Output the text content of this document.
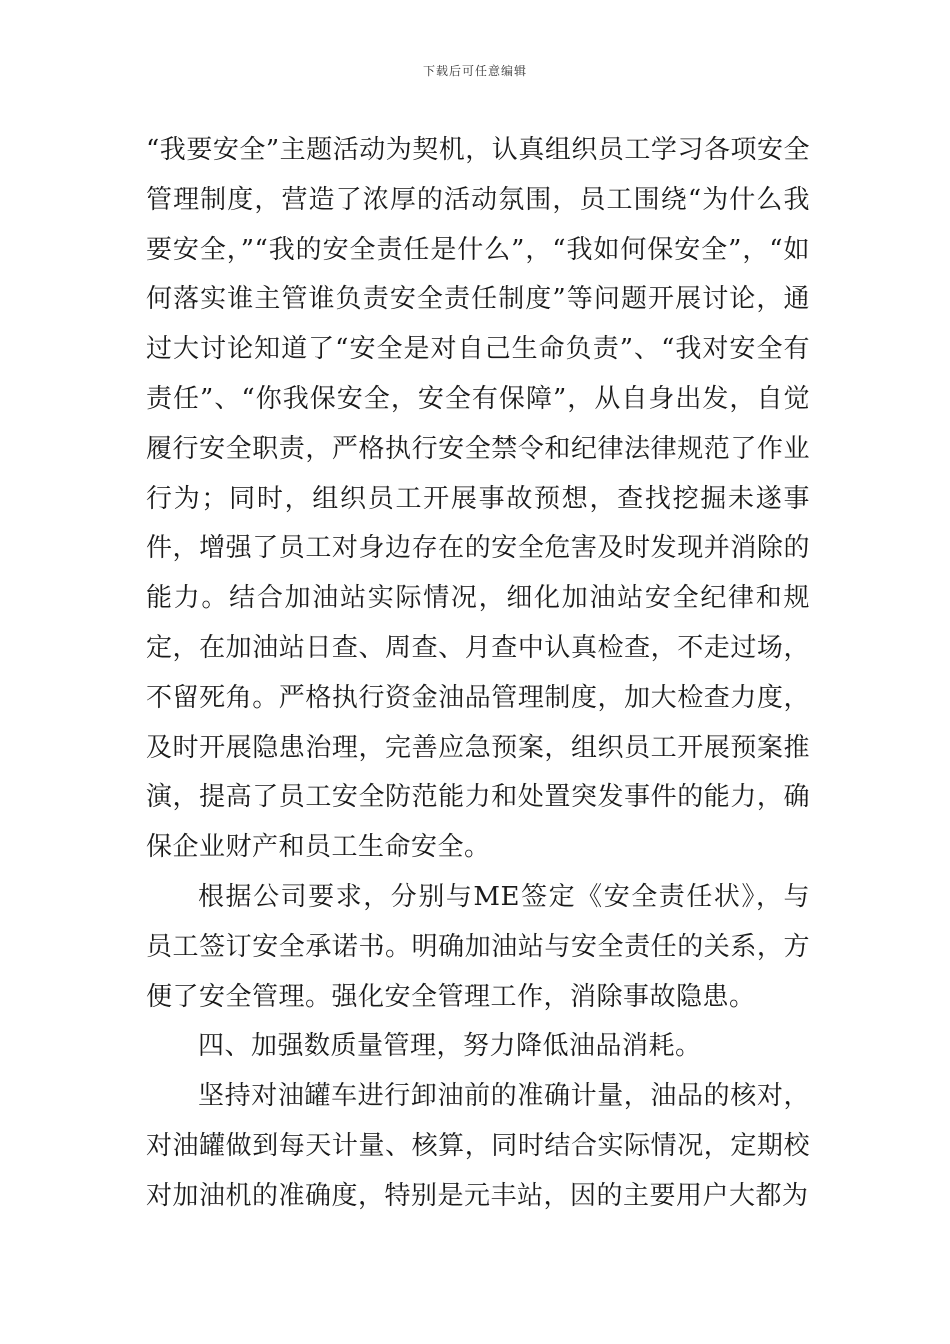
下载后可任意编辑

“我要安全”主题活动为契机，认真组织员工学习各项安全管理制度，营造了浓厚的活动氛围，员工围绕“为什么我要安全，”“我的安全责任是什么”，“我如何保安全”，“如何落实谁主管谁负责安全责任制度”等问题开展讨论，通过大讨论知道了“安全是对自己生命负责”、“我对安全有责任”、“你我保安全，安全有保障”，从自身出发，自觉履行安全职责，严格执行安全禁令和纪律法律规范了作业行为；同时，组织员工开展事故预想，查找挖掘未遂事件，增强了员工对身边存在的安全危害及时发现并消除的能力。结合加油站实际情况，细化加油站安全纪律和规定，在加油站日查、周查、月查中认真检查，不走过场，不留死角。严格执行资金油品管理制度，加大检查力度，及时开展隐患治理，完善应急预案，组织员工开展预案推演，提高了员工安全防范能力和处置突发事件的能力，确保企业财产和员工生命安全。

根据公司要求，分别与ME签定《安全责任状》，与员工签订安全承诺书。明确加油站与安全责任的关系，方便了安全管理。强化安全管理工作，消除事故隐患。

四、加强数质量管理，努力降低油品消耗。

坚持对油罐车进行卸油前的准确计量，油品的核对，对油罐做到每天计量、核算，同时结合实际情况，定期校对加油机的准确度，特别是元丰站，因的主要用户大都为
